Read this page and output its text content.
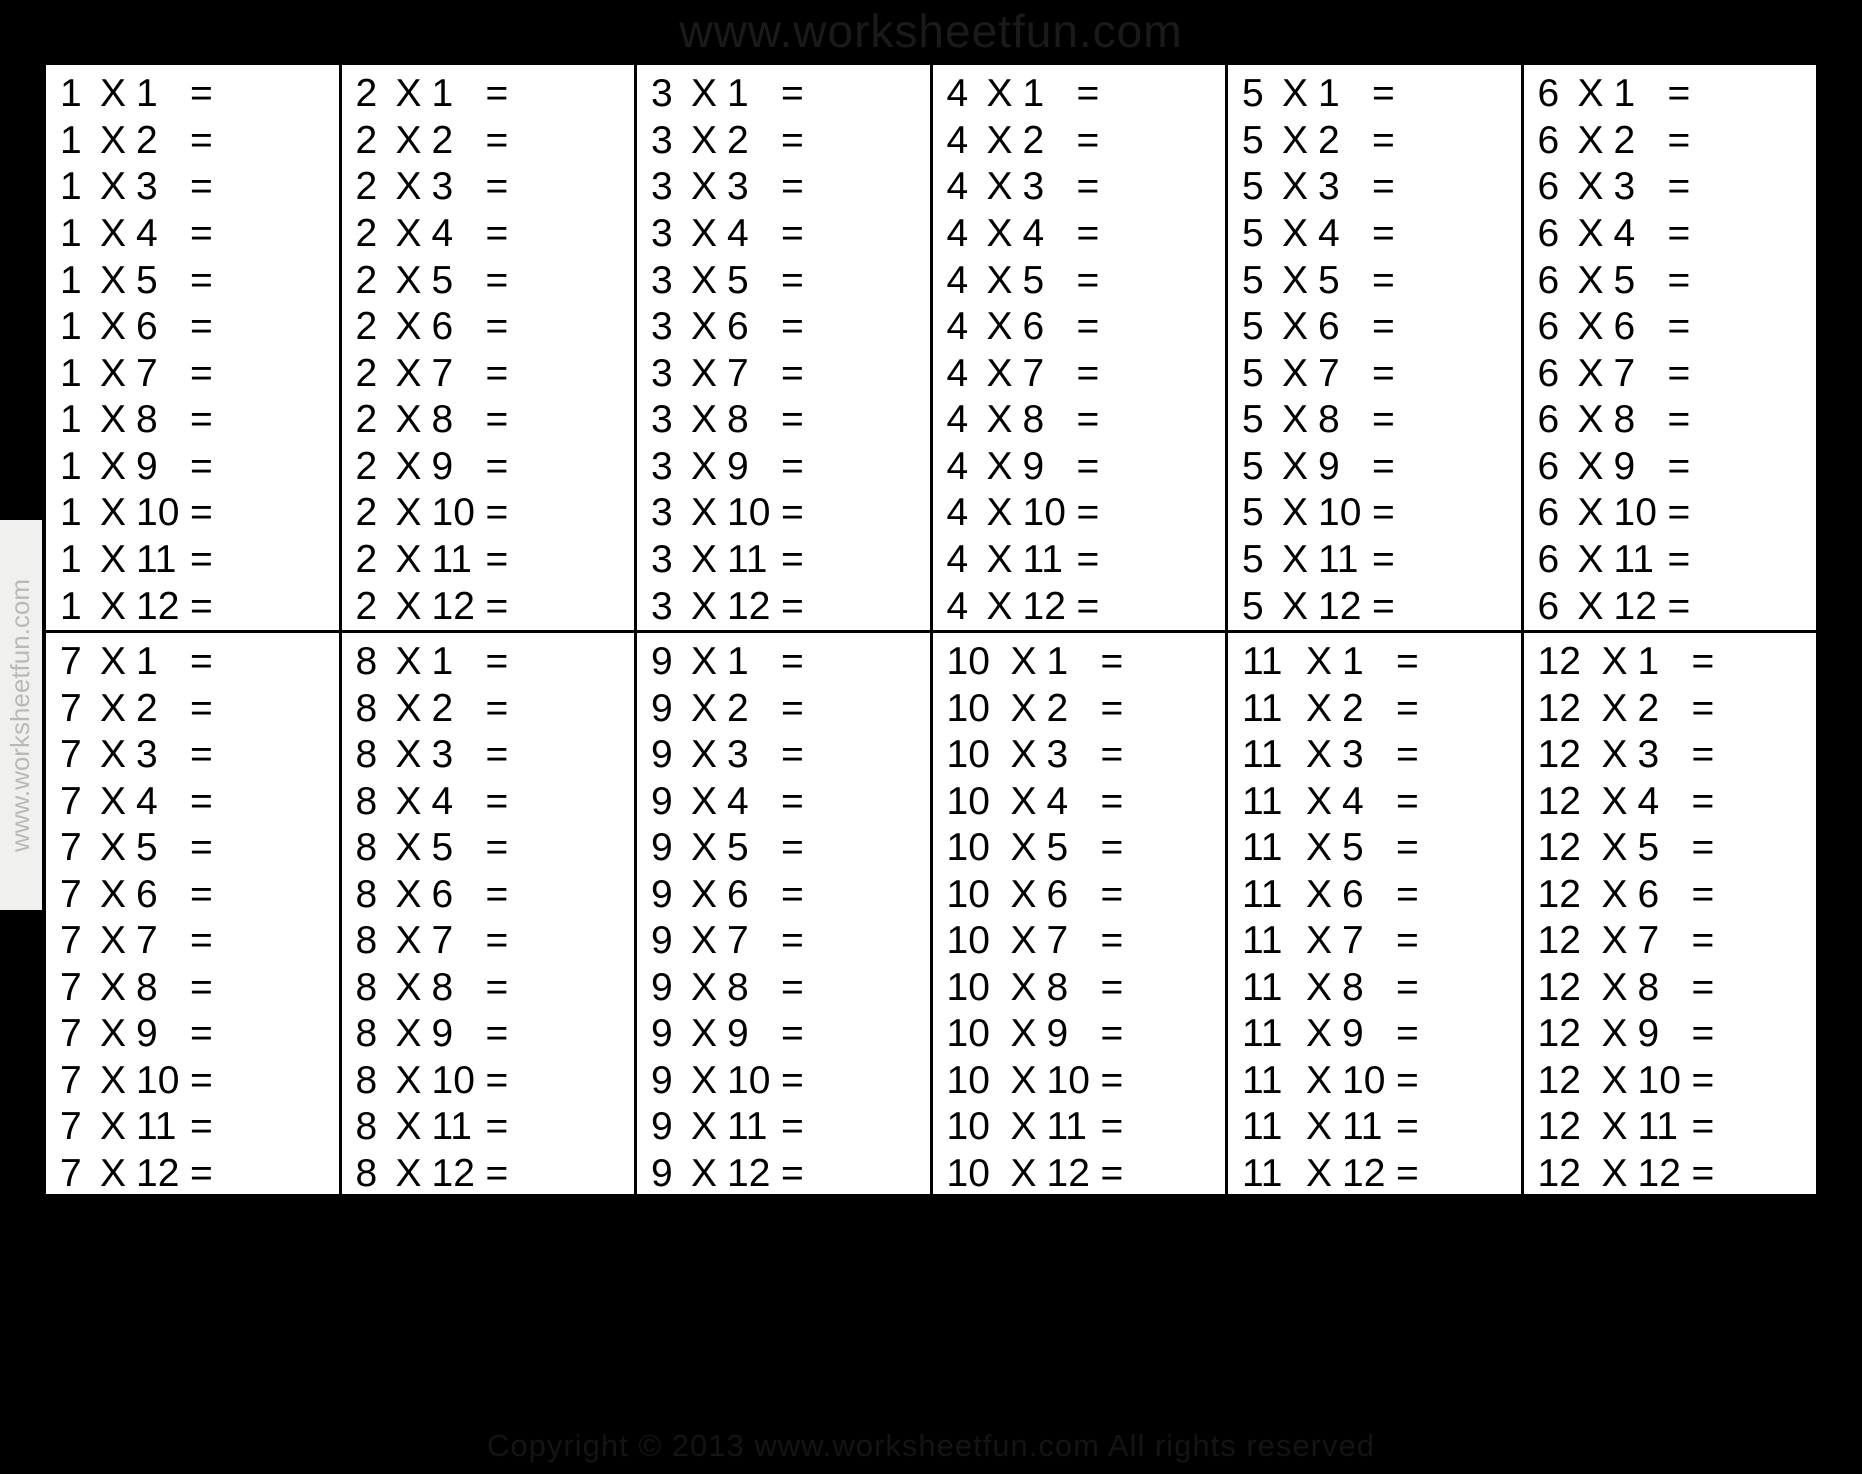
www.worksheetfun.com
www.worksheetfun.com
1 X 1 =
1 X 2 =
1 X 3 =
1 X 4 =
1 X 5 =
1 X 6 =
1 X 7 =
1 X 8 =
1 X 9 =
1 X 10 =
1 X 11 =
1 X 12 =
2 X 1 =
2 X 2 =
2 X 3 =
2 X 4 =
2 X 5 =
2 X 6 =
2 X 7 =
2 X 8 =
2 X 9 =
2 X 10 =
2 X 11 =
2 X 12 =
3 X 1 =
3 X 2 =
3 X 3 =
3 X 4 =
3 X 5 =
3 X 6 =
3 X 7 =
3 X 8 =
3 X 9 =
3 X 10 =
3 X 11 =
3 X 12 =
4 X 1 =
4 X 2 =
4 X 3 =
4 X 4 =
4 X 5 =
4 X 6 =
4 X 7 =
4 X 8 =
4 X 9 =
4 X 10 =
4 X 11 =
4 X 12 =
5 X 1 =
5 X 2 =
5 X 3 =
5 X 4 =
5 X 5 =
5 X 6 =
5 X 7 =
5 X 8 =
5 X 9 =
5 X 10 =
5 X 11 =
5 X 12 =
6 X 1 =
6 X 2 =
6 X 3 =
6 X 4 =
6 X 5 =
6 X 6 =
6 X 7 =
6 X 8 =
6 X 9 =
6 X 10 =
6 X 11 =
6 X 12 =
7 X 1 =
7 X 2 =
7 X 3 =
7 X 4 =
7 X 5 =
7 X 6 =
7 X 7 =
7 X 8 =
7 X 9 =
7 X 10 =
7 X 11 =
7 X 12 =
8 X 1 =
8 X 2 =
8 X 3 =
8 X 4 =
8 X 5 =
8 X 6 =
8 X 7 =
8 X 8 =
8 X 9 =
8 X 10 =
8 X 11 =
8 X 12 =
9 X 1 =
9 X 2 =
9 X 3 =
9 X 4 =
9 X 5 =
9 X 6 =
9 X 7 =
9 X 8 =
9 X 9 =
9 X 10 =
9 X 11 =
9 X 12 =
10 X 1 =
10 X 2 =
10 X 3 =
10 X 4 =
10 X 5 =
10 X 6 =
10 X 7 =
10 X 8 =
10 X 9 =
10 X 10 =
10 X 11 =
10 X 12 =
11 X 1 =
11 X 2 =
11 X 3 =
11 X 4 =
11 X 5 =
11 X 6 =
11 X 7 =
11 X 8 =
11 X 9 =
11 X 10 =
11 X 11 =
11 X 12 =
12 X 1 =
12 X 2 =
12 X 3 =
12 X 4 =
12 X 5 =
12 X 6 =
12 X 7 =
12 X 8 =
12 X 9 =
12 X 10 =
12 X 11 =
12 X 12 =
Copyright © 2013 www.worksheetfun.com All rights reserved
